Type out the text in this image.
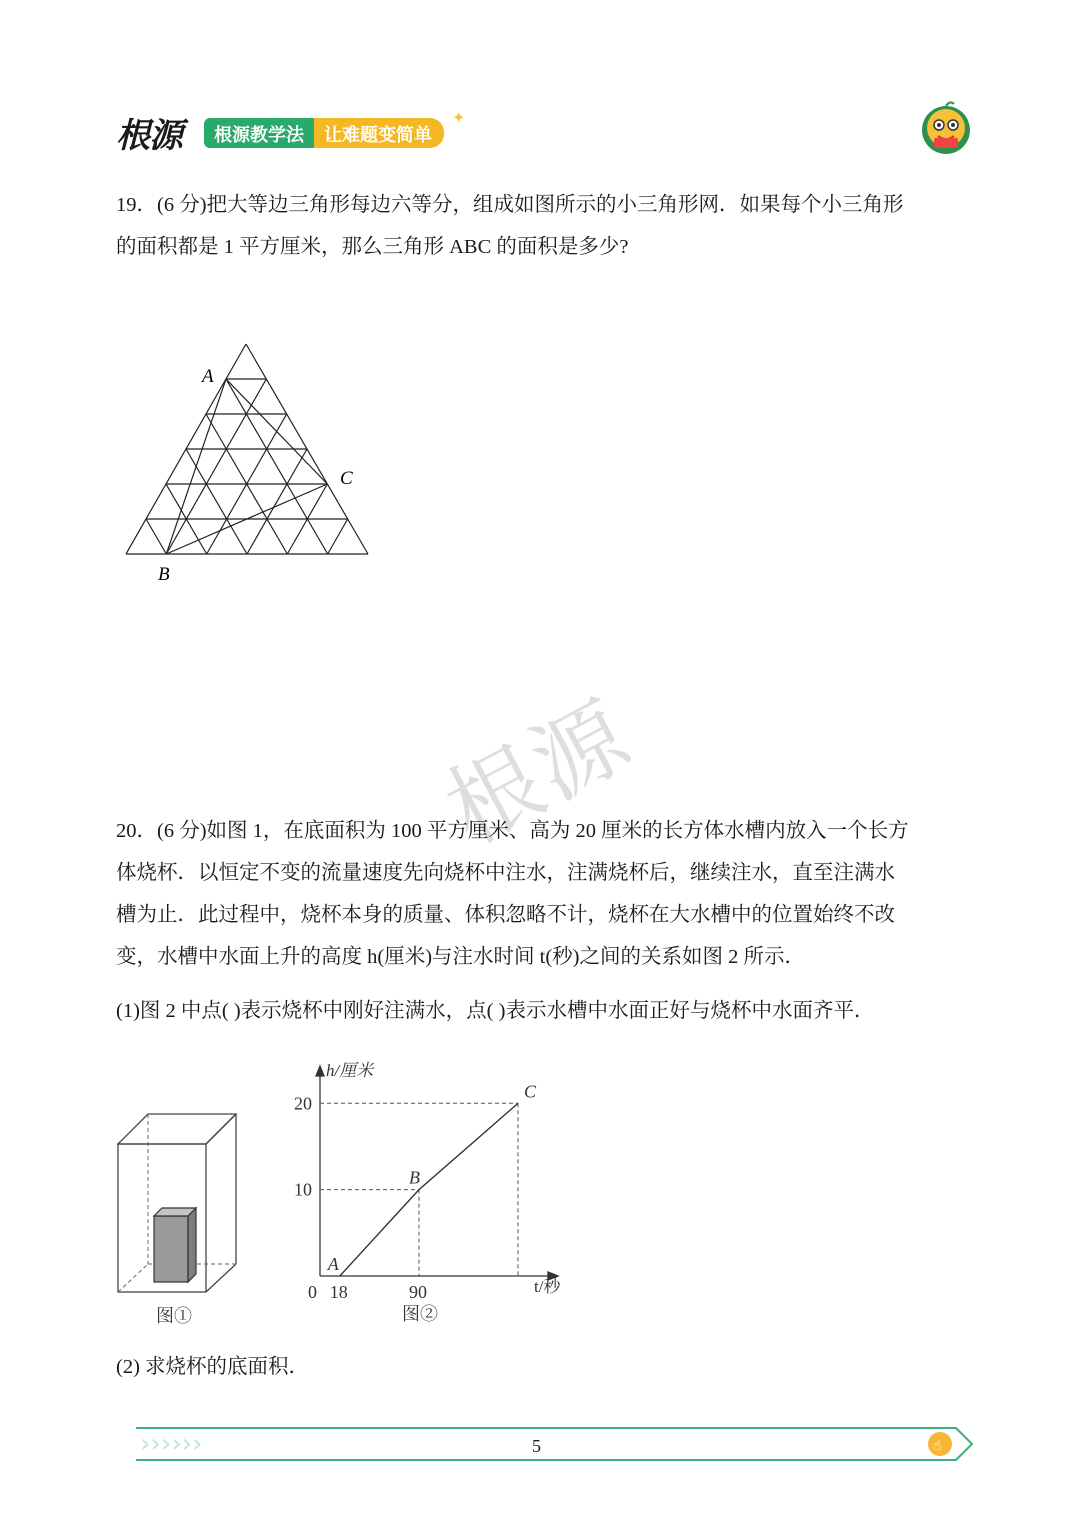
根源	根源教学法	让难题变简单
✦

19．(6 分)把大等边三角形每边六等分，组成如图所示的小三角形网．如果每个小三角形

的面积都是 1 平方厘米，那么三角形 ABC 的面积是多少?

A
B
C
根源

20．(6 分)如图 1，在底面积为 100 平方厘米、高为 20 厘米的长方体水槽内放入一个长方

体烧杯．以恒定不变的流量速度先向烧杯中注水，注满烧杯后，继续注水，直至注满水

槽为止．此过程中，烧杯本身的质量、体积忽略不计，烧杯在大水槽中的位置始终不改

变，水槽中水面上升的高度 h(厘米)与注水时间 t(秒)之间的关系如图 2 所示．

(1)图 2 中点( )表示烧杯中刚好注满水，点( )表示水槽中水面正好与烧杯中水面齐平．

图①
A
B
C
0 18	90
10
20
h/厘米
t/秒
图②

(2) 求烧杯的底面积．

››››››	☝
5
